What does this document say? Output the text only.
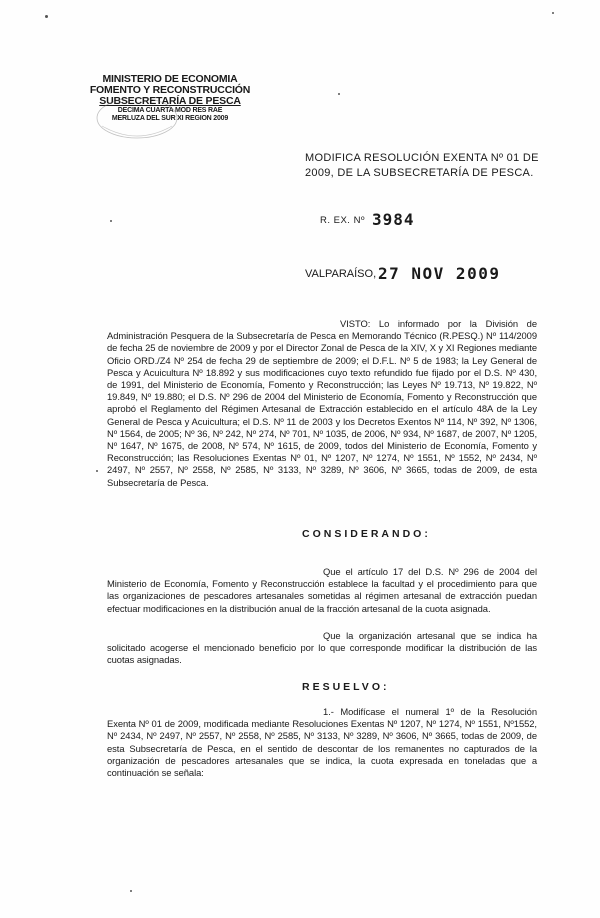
MINISTERIO DE ECONOMIA
FOMENTO Y RECONSTRUCCIÓN
SUBSECRETARÍA DE PESCA
DECIMA CUARTA MOD RES RAE
MERLUZA DEL SUR XI REGION 2009
MODIFICA RESOLUCIÓN EXENTA Nº 01 DE 2009, DE LA SUBSECRETARÍA DE PESCA.
R. EX. Nº 3984
VALPARAÍSO, 27 NOV 2009
VISTO: Lo informado por la División de Administración Pesquera de la Subsecretaría de Pesca en Memorando Técnico (R.PESQ.) Nº 114/2009 de fecha 25 de noviembre de 2009 y por el Director Zonal de Pesca de la XIV, X y XI Regiones mediante Oficio ORD./Z4 Nº 254 de fecha 29 de septiembre de 2009; el D.F.L. Nº 5 de 1983; la Ley General de Pesca y Acuicultura Nº 18.892 y sus modificaciones cuyo texto refundido fue fijado por el D.S. Nº 430, de 1991, del Ministerio de Economía, Fomento y Reconstrucción; las Leyes Nº 19.713, Nº 19.822, Nº 19.849, Nº 19.880; el D.S. Nº 296 de 2004 del Ministerio de Economía, Fomento y Reconstrucción que aprobó el Reglamento del Régimen Artesanal de Extracción establecido en el artículo 48A de la Ley General de Pesca y Acuicultura; el D.S. Nº 11 de 2003 y los Decretos Exentos Nº 114, Nº 392, Nº 1306, Nº 1564, de 2005; Nº 36, Nº 242, Nº 274, Nº 701, Nº 1035, de 2006, Nº 934, Nº 1687, de 2007, Nº 1205, Nº 1647, Nº 1675, de 2008, Nº 574, Nº 1615, de 2009, todos del Ministerio de Economía, Fomento y Reconstrucción; las Resoluciones Exentas Nº 01, Nº 1207, Nº 1274, Nº 1551, Nº 1552, Nº 2434, Nº 2497, Nº 2557, Nº 2558, Nº 2585, Nº 3133, Nº 3289, Nº 3606, Nº 3665, todas de 2009, de esta Subsecretaría de Pesca.
CONSIDERANDO:
Que el artículo 17 del D.S. Nº 296 de 2004 del Ministerio de Economía, Fomento y Reconstrucción establece la facultad y el procedimiento para que las organizaciones de pescadores artesanales sometidas al régimen artesanal de extracción puedan efectuar modificaciones en la distribución anual de la fracción artesanal de la cuota asignada.
Que la organización artesanal que se indica ha solicitado acogerse el mencionado beneficio por lo que corresponde modificar la distribución de las cuotas asignadas.
RESUELVO:
1.- Modifícase el numeral 1º de la Resolución Exenta Nº 01 de 2009, modificada mediante Resoluciones Exentas Nº 1207, Nº 1274, Nº 1551, Nº1552, Nº 2434, Nº 2497, Nº 2557, Nº 2558, Nº 2585, Nº 3133, Nº 3289, Nº 3606, Nº 3665, todas de 2009, de esta Subsecretaría de Pesca, en el sentido de descontar de los remanentes no capturados de la organización de pescadores artesanales que se indica, la cuota expresada en toneladas que a continuación se señala:
